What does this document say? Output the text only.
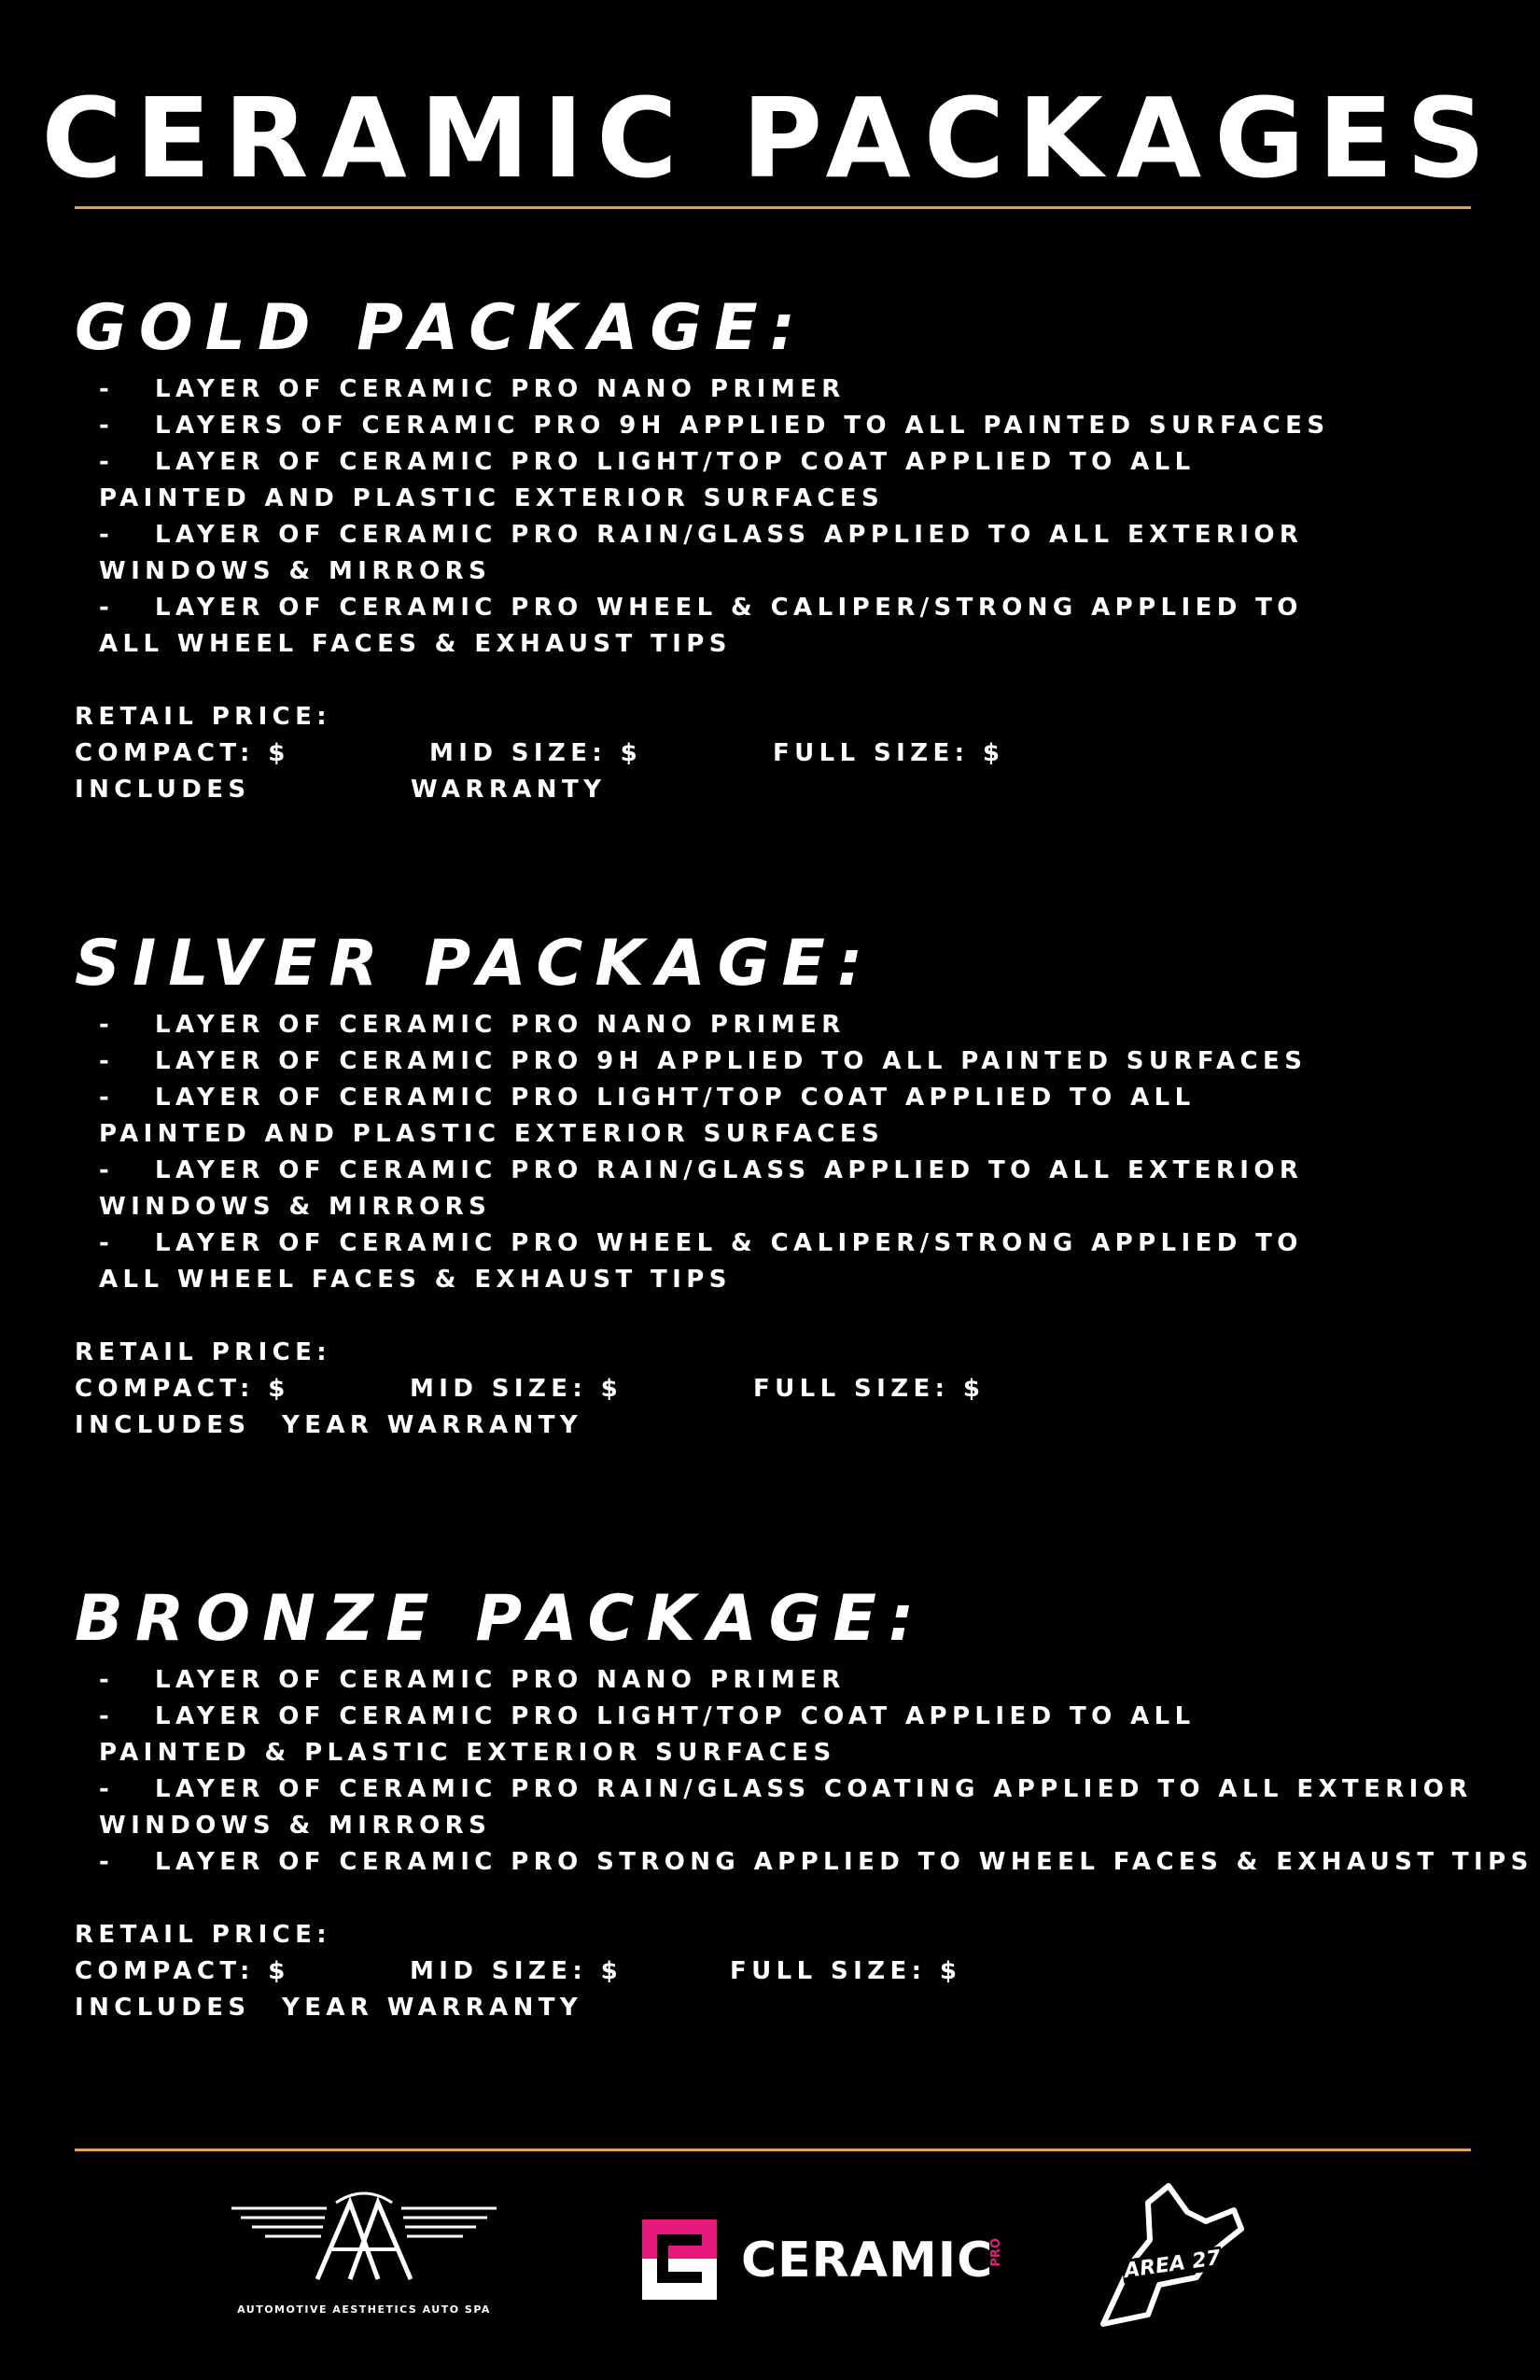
CERAMIC PACKAGES
GOLD PACKAGE:
- LAYER OF CERAMIC PRO NANO PRIMER
- LAYERS OF CERAMIC PRO 9H APPLIED TO ALL PAINTED SURFACES
- LAYER OF CERAMIC PRO LIGHT/TOP COAT APPLIED TO ALL
PAINTED AND PLASTIC EXTERIOR SURFACES
- LAYER OF CERAMIC PRO RAIN/GLASS APPLIED TO ALL EXTERIOR
WINDOWS & MIRRORS
- LAYER OF CERAMIC PRO WHEEL & CALIPER/STRONG APPLIED TO
ALL WHEEL FACES & EXHAUST TIPS
RETAIL PRICE:
COMPACT: $	MID SIZE: $	FULL SIZE: $
INCLUDES	WARRANTY
SILVER PACKAGE:
- LAYER OF CERAMIC PRO NANO PRIMER
- LAYER OF CERAMIC PRO 9H APPLIED TO ALL PAINTED SURFACES
- LAYER OF CERAMIC PRO LIGHT/TOP COAT APPLIED TO ALL
PAINTED AND PLASTIC EXTERIOR SURFACES
- LAYER OF CERAMIC PRO RAIN/GLASS APPLIED TO ALL EXTERIOR
WINDOWS & MIRRORS
- LAYER OF CERAMIC PRO WHEEL & CALIPER/STRONG APPLIED TO
ALL WHEEL FACES & EXHAUST TIPS
RETAIL PRICE:
COMPACT: $	MID SIZE: $	FULL SIZE: $
INCLUDES YEAR WARRANTY
BRONZE PACKAGE:
- LAYER OF CERAMIC PRO NANO PRIMER
- LAYER OF CERAMIC PRO LIGHT/TOP COAT APPLIED TO ALL
PAINTED & PLASTIC EXTERIOR SURFACES
- LAYER OF CERAMIC PRO RAIN/GLASS COATING APPLIED TO ALL EXTERIOR
WINDOWS & MIRRORS
- LAYER OF CERAMIC PRO STRONG APPLIED TO WHEEL FACES & EXHAUST TIPS
RETAIL PRICE:
COMPACT: $	MID SIZE: $	FULL SIZE: $
INCLUDES YEAR WARRANTY
AUTOMOTIVE AESTHETICS AUTO SPA
CERAMIC
PRO	AREA 27
